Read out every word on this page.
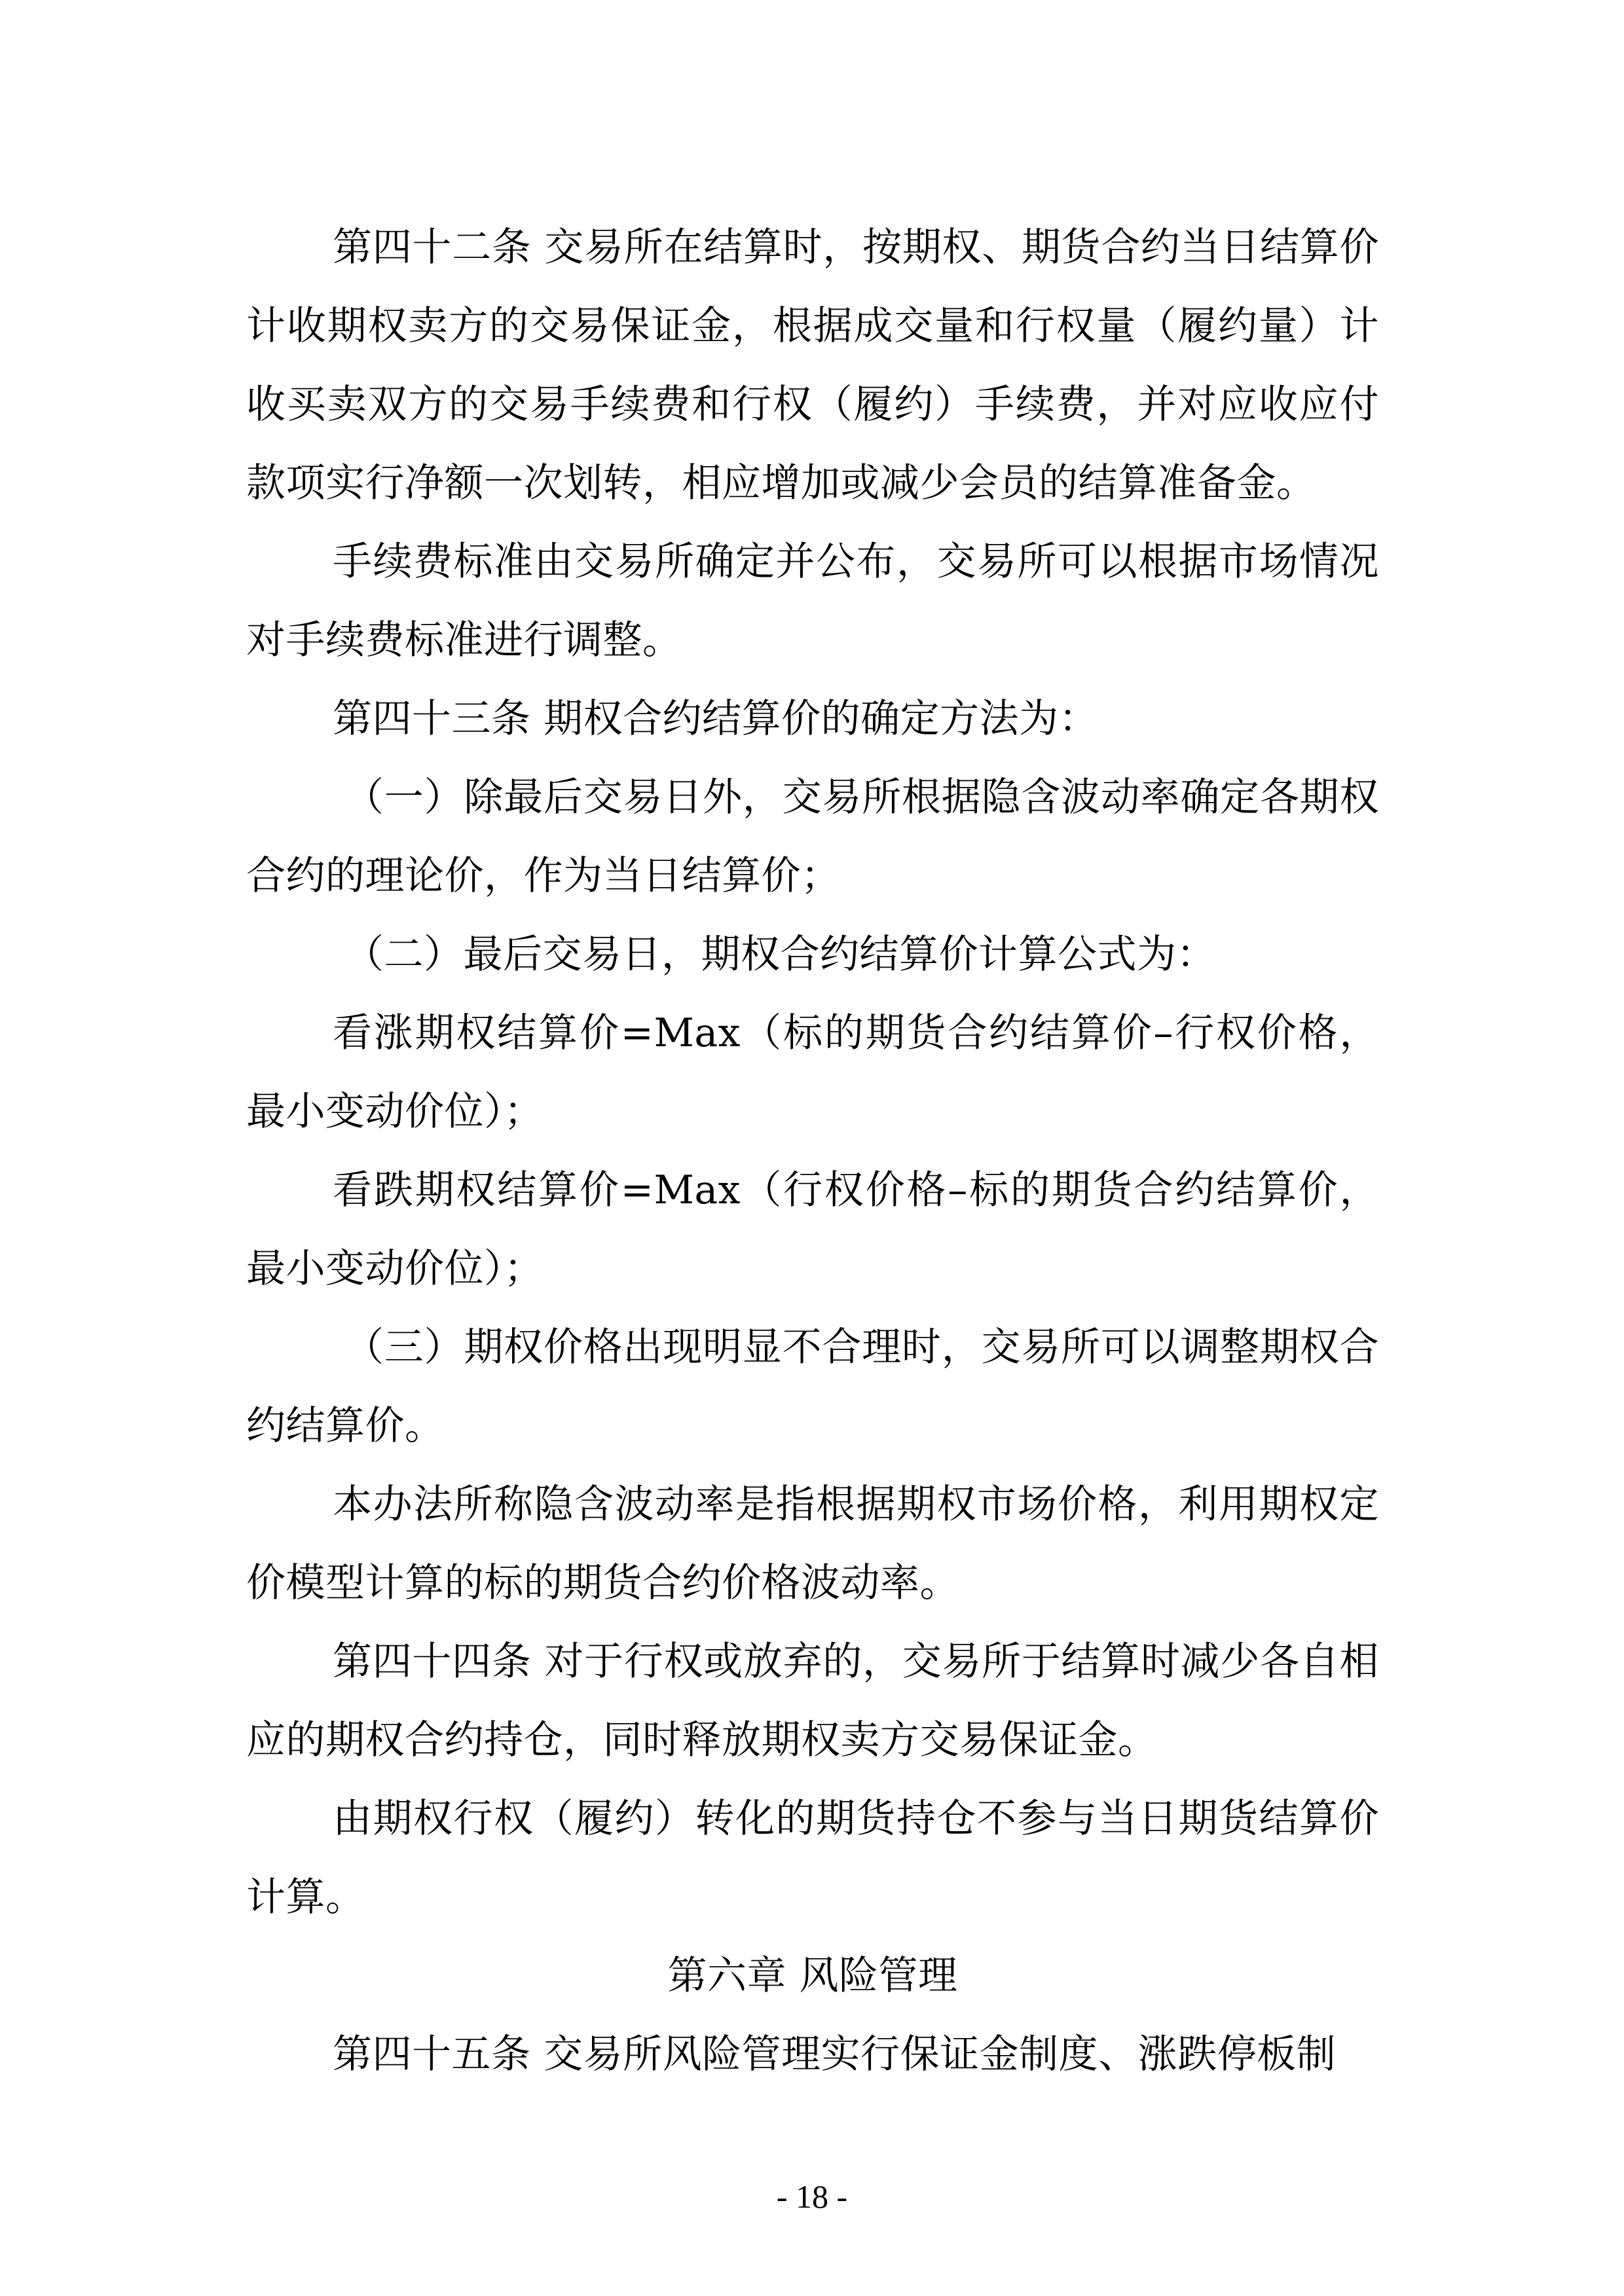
第四十二条 交易所在结算时，按期权、期货合约当日结算价计收期权卖方的交易保证金，根据成交量和行权量（履约量）计收买卖双方的交易手续费和行权（履约）手续费，并对应收应付款项实行净额一次划转，相应增加或减少会员的结算准备金。

手续费标准由交易所确定并公布，交易所可以根据市场情况对手续费标准进行调整。

第四十三条 期权合约结算价的确定方法为：

（一）除最后交易日外，交易所根据隐含波动率确定各期权合约的理论价，作为当日结算价；

（二）最后交易日，期权合约结算价计算公式为：

看涨期权结算价=Max（标的期货合约结算价–行权价格，最小变动价位）；

看跌期权结算价=Max（行权价格–标的期货合约结算价，最小变动价位）；

（三）期权价格出现明显不合理时，交易所可以调整期权合约结算价。

本办法所称隐含波动率是指根据期权市场价格，利用期权定价模型计算的标的期货合约价格波动率。

第四十四条 对于行权或放弃的，交易所于结算时减少各自相应的期权合约持仓，同时释放期权卖方交易保证金。

由期权行权（履约）转化的期货持仓不参与当日期货结算价计算。

第六章 风险管理

第四十五条 交易所风险管理实行保证金制度、涨跌停板制

- 18 -
